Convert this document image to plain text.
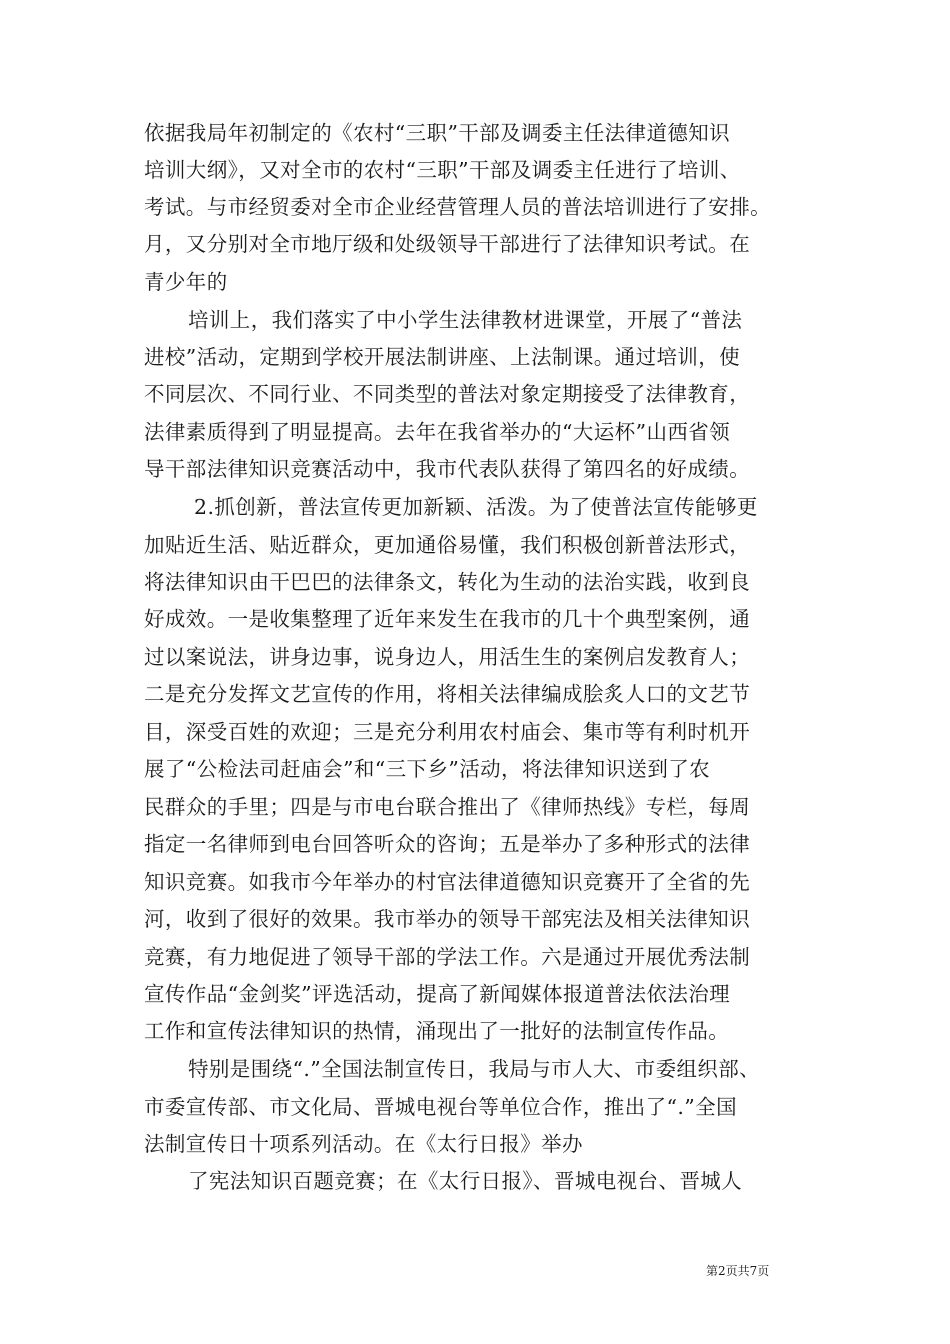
依据我局年初制定的《农村“三职”干部及调委主任法律道德知识
培训大纲》，又对全市的农村“三职”干部及调委主任进行了培训、
考试。与市经贸委对全市企业经营管理人员的普法培训进行了安排。
月，又分别对全市地厅级和处级领导干部进行了法律知识考试。在
青少年的
培训上，我们落实了中小学生法律教材进课堂，开展了“普法
进校”活动，定期到学校开展法制讲座、上法制课。通过培训，使
不同层次、不同行业、不同类型的普法对象定期接受了法律教育，
法律素质得到了明显提高。去年在我省举办的“大运杯”山西省领
导干部法律知识竞赛活动中，我市代表队获得了第四名的好成绩。
2.抓创新，普法宣传更加新颖、活泼。为了使普法宣传能够更
加贴近生活、贴近群众，更加通俗易懂，我们积极创新普法形式，
将法律知识由干巴巴的法律条文，转化为生动的法治实践，收到良
好成效。一是收集整理了近年来发生在我市的几十个典型案例，通
过以案说法，讲身边事，说身边人，用活生生的案例启发教育人；
二是充分发挥文艺宣传的作用，将相关法律编成脍炙人口的文艺节
目，深受百姓的欢迎；三是充分利用农村庙会、集市等有利时机开
展了“公检法司赶庙会”和“三下乡”活动，将法律知识送到了农
民群众的手里；四是与市电台联合推出了《律师热线》专栏，每周
指定一名律师到电台回答听众的咨询；五是举办了多种形式的法律
知识竞赛。如我市今年举办的村官法律道德知识竞赛开了全省的先
河，收到了很好的效果。我市举办的领导干部宪法及相关法律知识
竞赛，有力地促进了领导干部的学法工作。六是通过开展优秀法制
宣传作品“金剑奖”评选活动，提高了新闻媒体报道普法依法治理
工作和宣传法律知识的热情，涌现出了一批好的法制宣传作品。
特别是围绕“.”全国法制宣传日，我局与市人大、市委组织部、
市委宣传部、市文化局、晋城电视台等单位合作，推出了“.”全国
法制宣传日十项系列活动。在《太行日报》举办
了宪法知识百题竞赛；在《太行日报》、晋城电视台、晋城人
第2页共7页
